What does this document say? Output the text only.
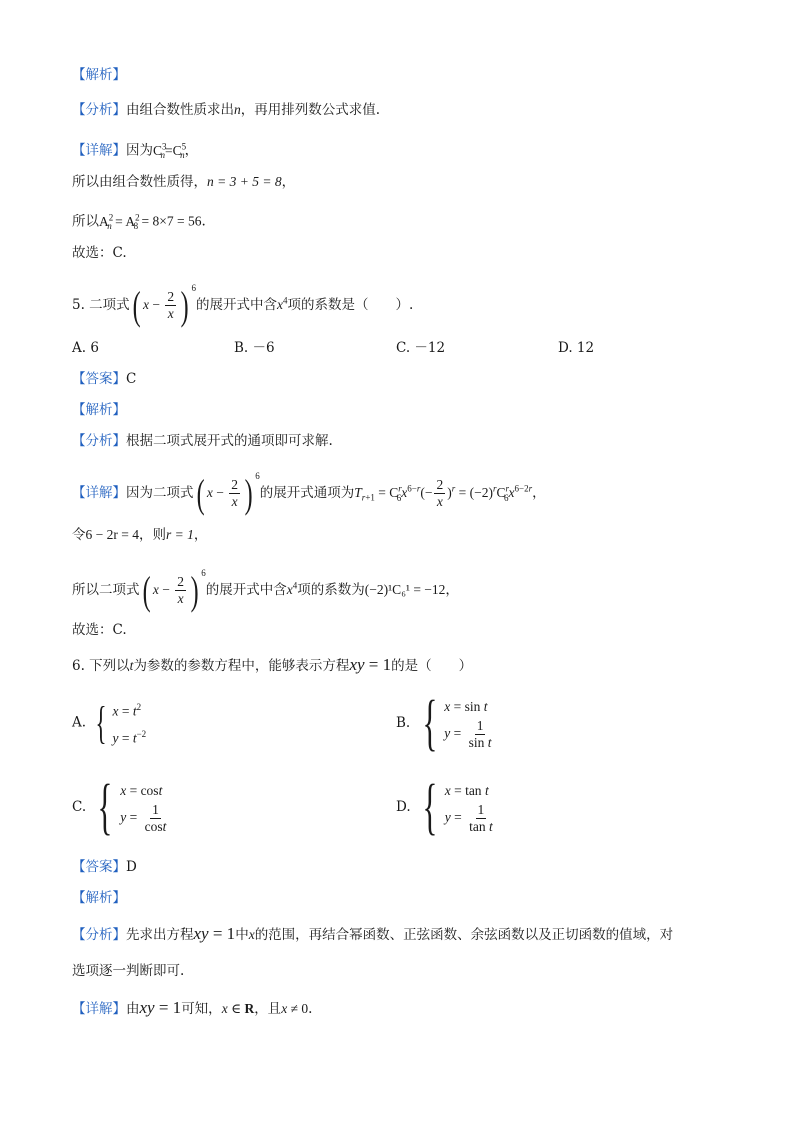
【解析】
【分析】由组合数性质求出n，再用排列数公式求值.
【详解】因为$C^3_n=C^5_n$，
所以由组合数性质得，n = 3 + 5 = 8，
所以$A^2_n = A^2_8 = 8\times 7 = 56$.
故选：C.
5. 二项式( $x - \frac{2}{x}$ ) $^6$的展开式中含$x^4$项的系数是（　　）.
A. 6	B. －6	C. －12	D. 12
【答案】C
【解析】
【分析】根据二项式展开式的通项即可求解.
【详解】因为二项式( $x - \frac{2}{x}$ ) $^6$的展开式通项为$T_{r+1} = C^r_6x^{6-r}(- \frac{2}{x} )^r = (-2)^rC^r_6x^{6-2r}$，
令6 − 2r = 4，则r = 1，
所以二项式( $x - \frac{2}{x}$ ) $^6$的展开式中含$x^4$项的系数为(−2)¹C₆¹ = −12，
故选：C.
6. 下列以t为参数的参数方程中，能够表示方程xy = 1的是（　　）
A. { $x = t^2$
$y = t^{-2}$
B. { x = sin t
$y = \frac{1}{\text{sin t}}$
C. { x = cost
$y = \frac{1}{\cos t}$	D. { x = tan t
$y = \frac{1}{\text{tan t}}$
【答案】D
【解析】
【分析】先求出方程xy = 1中x的范围，再结合幂函数、正弦函数、余弦函数以及正切函数的值域，对
选项逐一判断即可.
【详解】由xy = 1可知，x ∈ R，且x ≠ 0.
